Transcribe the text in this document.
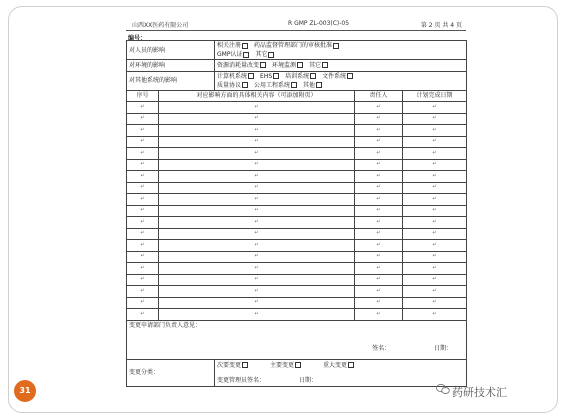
山西XX医药有限公司	R GMP ZL-003(C)-05	第 2 页 共 4 页
编号：
对人员的影响		相关注册 药品监督管理部门的审核批准
GMP认证 其它		

对环境的影响		资源消耗量改变 环境监测 其它		

对其他系统的影响		计算机系统 EHS 培训系统 文件系统
质量协议 公用工程系统 其他		

序号	对应影响方面的具体相关内容（可添加附页）		责任人	计划完成日期
↵	↵		↵	↵
↵	↵		↵	↵
↵	↵		↵	↵
↵	↵		↵	↵
↵	↵		↵	↵
↵	↵		↵	↵
↵	↵		↵	↵
↵	↵		↵	↵
↵	↵		↵	↵
↵	↵		↵	↵
↵	↵		↵	↵
↵	↵		↵	↵
↵	↵		↵	↵
↵	↵		↵	↵
↵	↵		↵	↵
↵	↵		↵	↵
↵	↵		↵	↵
↵	↵		↵	↵
↵	↵		↵	↵
变更申请部门负责人意见：
签名： 日期：				

变更分类：		次要变更 主要变更 重大变更
变更管理员签名： 日期：		
31	药研技术汇
